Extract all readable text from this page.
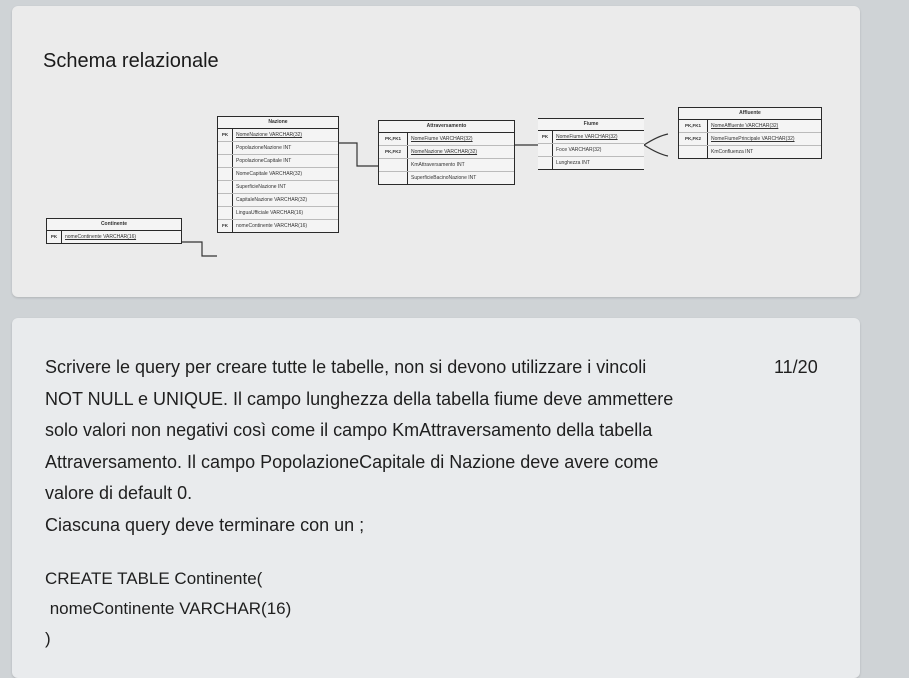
Schema relazionale
Continente
PK	nomeContinente VARCHAR(16)
Nazione
PK	NomeNazione VARCHAR(32)
PopolazioneNazione INT
PopolazioneCapitale INT
NomeCapitale VARCHAR(32)
SuperficieNazione INT
CapitaleNazione VARCHAR(32)
LinguaUfficiale VARCHAR(16)
FK	nomeContinente VARCHAR(16)
Attraversamento
PK,FK1	NomeFiume VARCHAR(32)
PK,FK2	NomeNazione VARCHAR(32)
KmAttraversamento INT
SuperficieBacinoNazione INT
Fiume
PK	NomeFiume VARCHAR(32)
Foce VARCHAR(32)
Lunghezza INT
Affluente
PK,FK1	NomeAffluente VARCHAR(32)
PK,FK2	NomeFiumePrincipale VARCHAR(32)
KmConfluenza INT
Scrivere le query per creare tutte le tabelle, non si devono utilizzare i vincoli
NOT NULL e UNIQUE. Il campo lunghezza della tabella fiume deve ammettere
solo valori non negativi così come il campo KmAttraversamento della tabella
Attraversamento. Il campo PopolazioneCapitale di Nazione deve avere come
valore di default 0.
Ciascuna query deve terminare con un ;
11/20
CREATE TABLE Continente(
nomeContinente VARCHAR(16)
)
